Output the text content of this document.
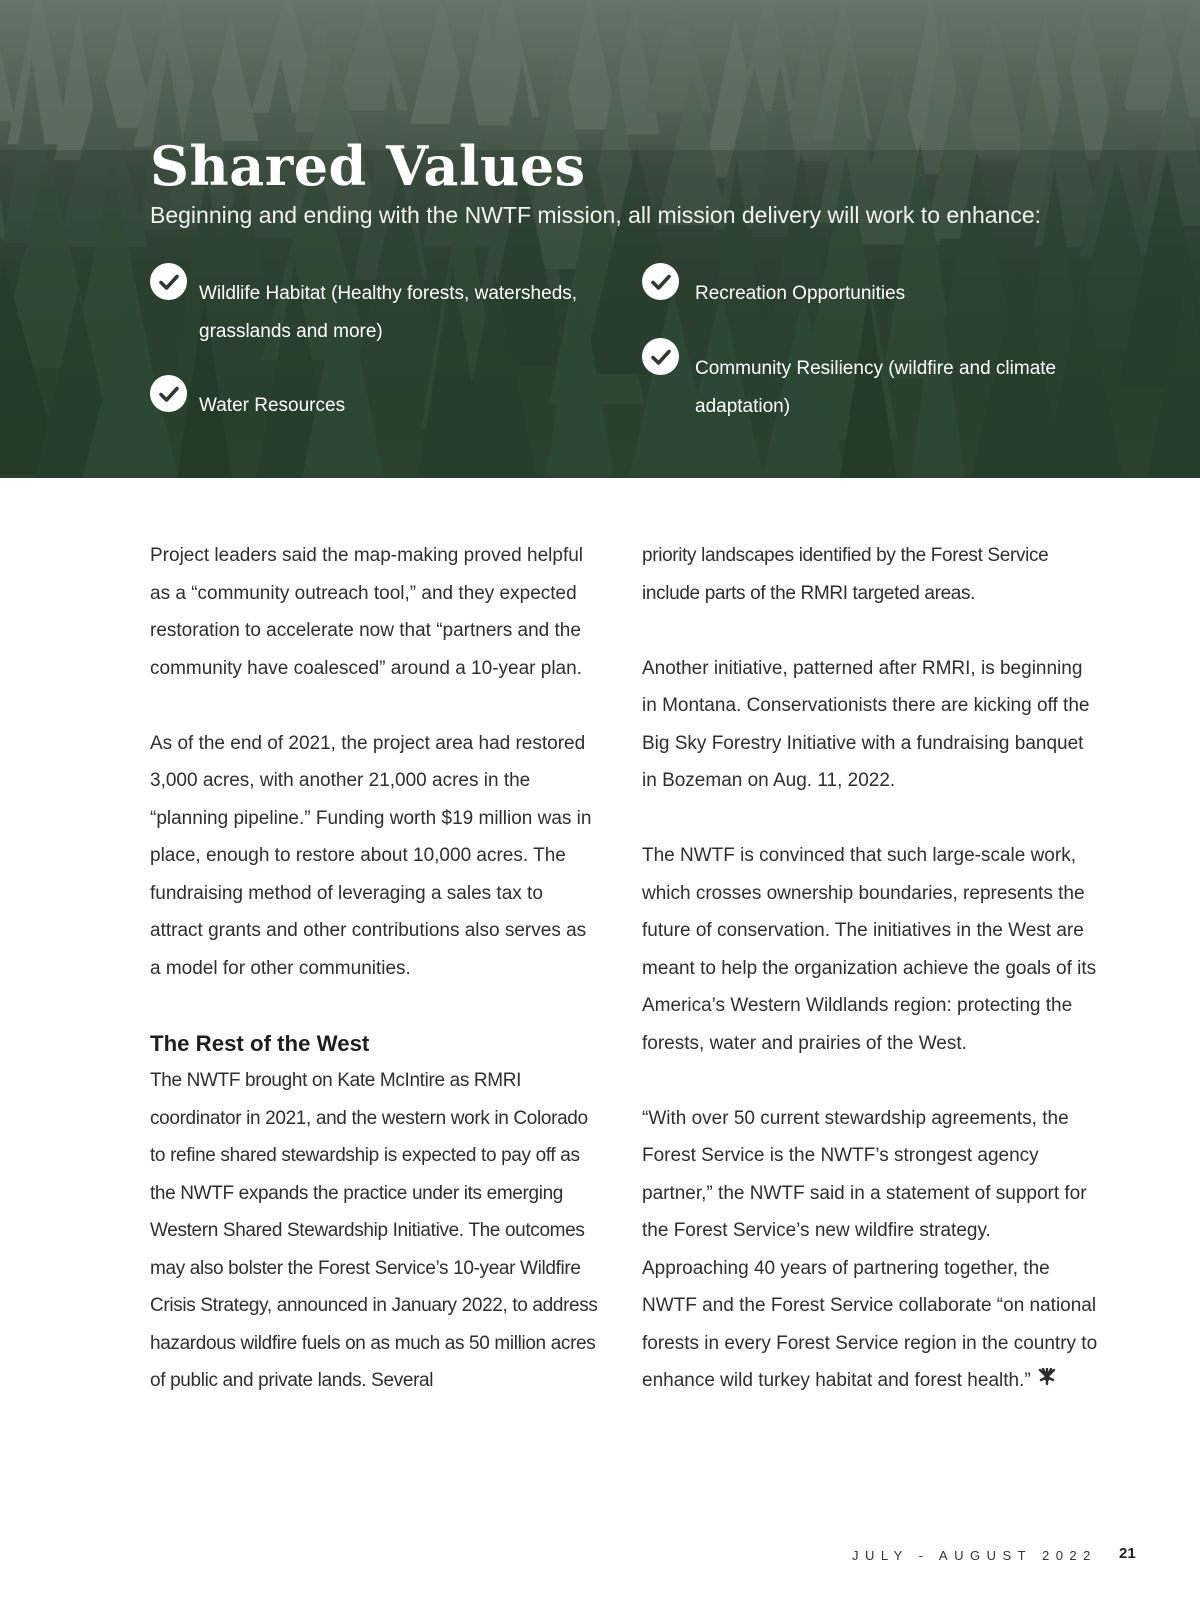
Shared Values

Beginning and ending with the NWTF mission, all mission delivery will work to enhance:

Wildlife Habitat (Healthy forests, watersheds, grasslands and more)
Water Resources
Recreation Opportunities
Community Resiliency (wildfire and climate adaptation)

Project leaders said the map-making proved helpful as a “community outreach tool,” and they expected restoration to accelerate now that “partners and the community have coalesced” around a 10-year plan.

As of the end of 2021, the project area had restored 3,000 acres, with another 21,000 acres in the “planning pipeline.” Funding worth $19 million was in place, enough to restore about 10,000 acres. The fundraising method of leveraging a sales tax to attract grants and other contributions also serves as a model for other communities.

The Rest of the West

The NWTF brought on Kate McIntire as RMRI coordinator in 2021, and the western work in Colorado to refine shared stewardship is expected to pay off as the NWTF expands the practice under its emerging Western Shared Stewardship Initiative. The outcomes may also bolster the Forest Service’s 10-year Wildfire Crisis Strategy, announced in January 2022, to address hazardous wildfire fuels on as much as 50 million acres of public and private lands. Several

priority landscapes identified by the Forest Service include parts of the RMRI targeted areas.

Another initiative, patterned after RMRI, is beginning in Montana. Conservationists there are kicking off the Big Sky Forestry Initiative with a fundraising banquet in Bozeman on Aug. 11, 2022.

The NWTF is convinced that such large-scale work, which crosses ownership boundaries, represents the future of conservation. The initiatives in the West are meant to help the organization achieve the goals of its America’s Western Wildlands region: protecting the forests, water and prairies of the West.

“With over 50 current stewardship agreements, the Forest Service is the NWTF’s strongest agency partner,” the NWTF said in a statement of support for the Forest Service’s new wildfire strategy. Approaching 40 years of partnering together, the NWTF and the Forest Service collaborate “on national forests in every Forest Service region in the country to enhance wild turkey habitat and forest health.”

JULY - AUGUST 2022 21
